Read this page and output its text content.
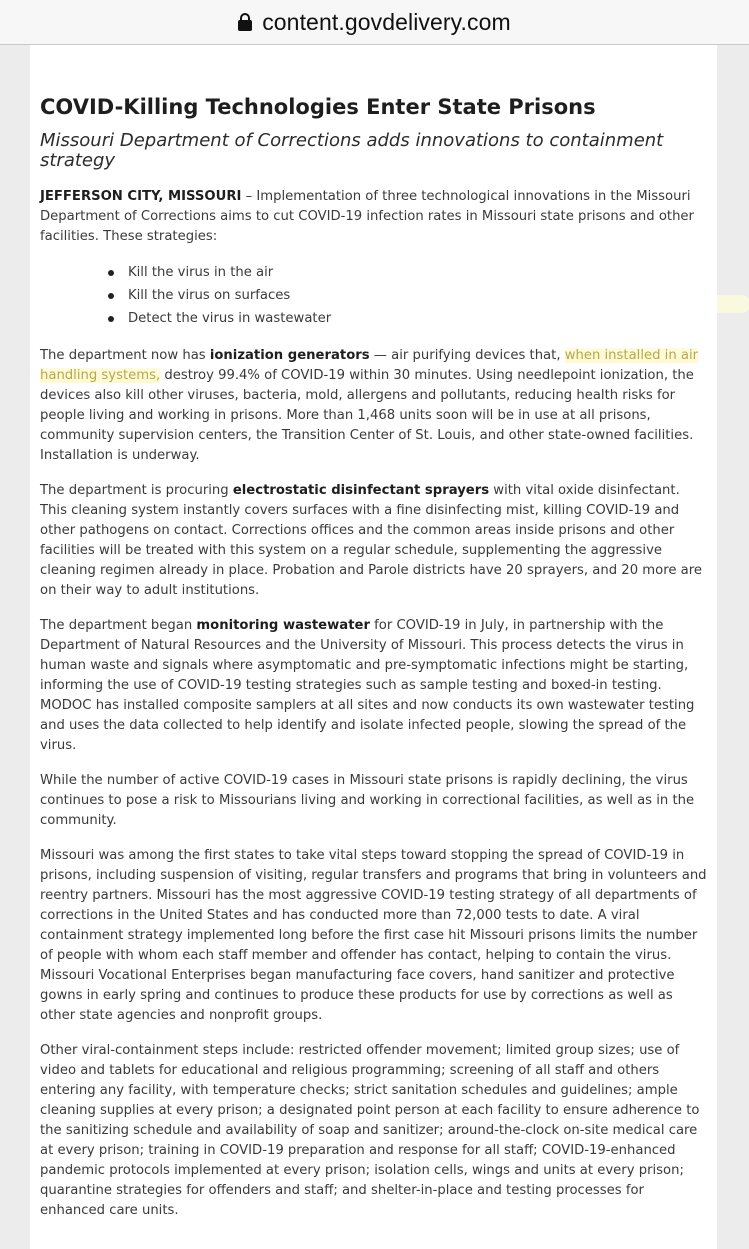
content.govdelivery.com
COVID-Killing Technologies Enter State Prisons
Missouri Department of Corrections adds innovations to containment strategy

JEFFERSON CITY, MISSOURI – Implementation of three technological innovations in the Missouri Department of Corrections aims to cut COVID-19 infection rates in Missouri state prisons and other facilities. These strategies:

Kill the virus in the air
Kill the virus on surfaces
Detect the virus in wastewater

The department now has ionization generators — air purifying devices that, when installed in air handling systems, destroy 99.4% of COVID-19 within 30 minutes. Using needlepoint ionization, the devices also kill other viruses, bacteria, mold, allergens and pollutants, reducing health risks for people living and working in prisons. More than 1,468 units soon will be in use at all prisons, community supervision centers, the Transition Center of St. Louis, and other state-owned facilities. Installation is underway.

The department is procuring electrostatic disinfectant sprayers with vital oxide disinfectant. This cleaning system instantly covers surfaces with a fine disinfecting mist, killing COVID-19 and other pathogens on contact. Corrections offices and the common areas inside prisons and other facilities will be treated with this system on a regular schedule, supplementing the aggressive cleaning regimen already in place. Probation and Parole districts have 20 sprayers, and 20 more are on their way to adult institutions.

The department began monitoring wastewater for COVID-19 in July, in partnership with the Department of Natural Resources and the University of Missouri. This process detects the virus in human waste and signals where asymptomatic and pre-symptomatic infections might be starting, informing the use of COVID-19 testing strategies such as sample testing and boxed-in testing. MODOC has installed composite samplers at all sites and now conducts its own wastewater testing and uses the data collected to help identify and isolate infected people, slowing the spread of the virus.

While the number of active COVID-19 cases in Missouri state prisons is rapidly declining, the virus continues to pose a risk to Missourians living and working in correctional facilities, as well as in the community.

Missouri was among the first states to take vital steps toward stopping the spread of COVID-19 in prisons, including suspension of visiting, regular transfers and programs that bring in volunteers and reentry partners. Missouri has the most aggressive COVID-19 testing strategy of all departments of corrections in the United States and has conducted more than 72,000 tests to date. A viral containment strategy implemented long before the first case hit Missouri prisons limits the number of people with whom each staff member and offender has contact, helping to contain the virus. Missouri Vocational Enterprises began manufacturing face covers, hand sanitizer and protective gowns in early spring and continues to produce these products for use by corrections as well as other state agencies and nonprofit groups.

Other viral-containment steps include: restricted offender movement; limited group sizes; use of video and tablets for educational and religious programming; screening of all staff and others entering any facility, with temperature checks; strict sanitation schedules and guidelines; ample cleaning supplies at every prison; a designated point person at each facility to ensure adherence to the sanitizing schedule and availability of soap and sanitizer; around-the-clock on-site medical care at every prison; training in COVID-19 preparation and response for all staff; COVID-19-enhanced pandemic protocols implemented at every prison; isolation cells, wings and units at every prison; quarantine strategies for offenders and staff; and shelter-in-place and testing processes for enhanced care units.
